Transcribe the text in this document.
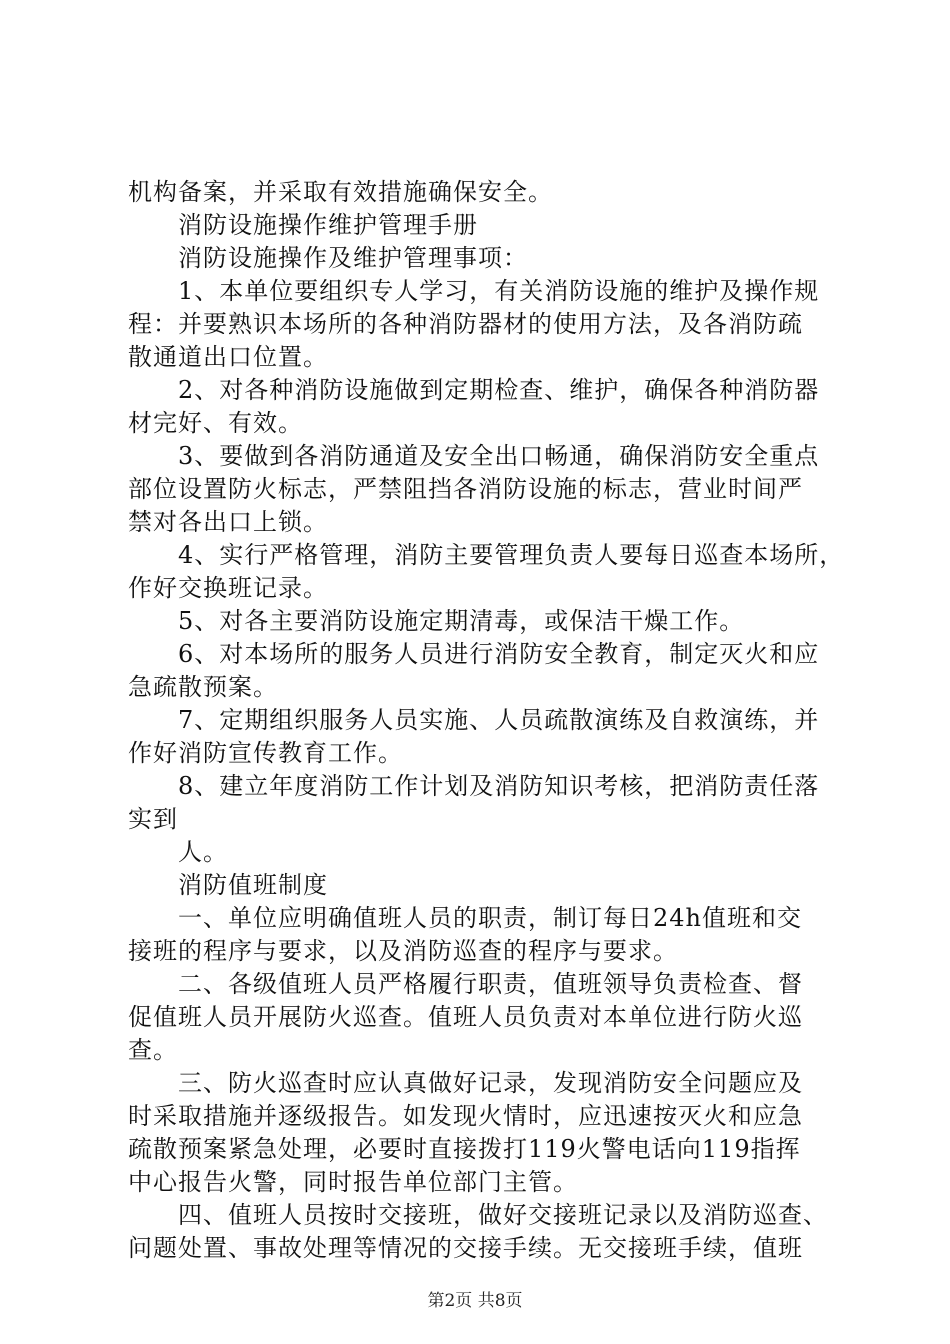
机构备案，并采取有效措施确保安全。
消防设施操作维护管理手册
消防设施操作及维护管理事项：
1、本单位要组织专人学习，有关消防设施的维护及操作规
程：并要熟识本场所的各种消防器材的使用方法，及各消防疏
散通道出口位置。
2、对各种消防设施做到定期检查、维护，确保各种消防器
材完好、有效。
3、要做到各消防通道及安全出口畅通，确保消防安全重点
部位设置防火标志，严禁阻挡各消防设施的标志，营业时间严
禁对各出口上锁。
4、实行严格管理，消防主要管理负责人要每日巡查本场所，
作好交换班记录。
5、对各主要消防设施定期清毒，或保洁干燥工作。
6、对本场所的服务人员进行消防安全教育，制定灭火和应
急疏散预案。
7、定期组织服务人员实施、人员疏散演练及自救演练，并
作好消防宣传教育工作。
8、建立年度消防工作计划及消防知识考核，把消防责任落
实到
人。
消防值班制度
一、单位应明确值班人员的职责，制订每日24h值班和交
接班的程序与要求，以及消防巡查的程序与要求。
二、各级值班人员严格履行职责，值班领导负责检查、督
促值班人员开展防火巡查。值班人员负责对本单位进行防火巡
查。
三、防火巡查时应认真做好记录，发现消防安全问题应及
时采取措施并逐级报告。如发现火情时，应迅速按灭火和应急
疏散预案紧急处理，必要时直接拨打119火警电话向119指挥
中心报告火警，同时报告单位部门主管。
四、值班人员按时交接班，做好交接班记录以及消防巡查、
问题处置、事故处理等情况的交接手续。无交接班手续，值班
第2页 共8页
